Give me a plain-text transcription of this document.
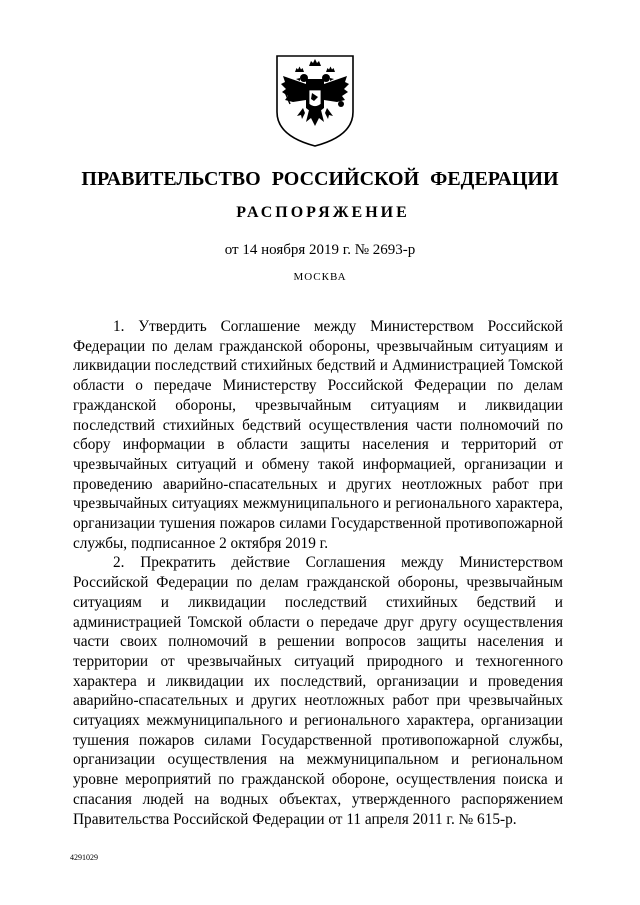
ПРАВИТЕЛЬСТВО РОССИЙСКОЙ ФЕДЕРАЦИИ
РАСПОРЯЖЕНИЕ

от 14 ноября 2019 г. № 2693-р

МОСКВА

1. Утвердить Соглашение между Министерством Российской Федерации по делам гражданской обороны, чрезвычайным ситуациям и ликвидации последствий стихийных бедствий и Администрацией Томской области о передаче Министерству Российской Федерации по делам гражданской обороны, чрезвычайным ситуациям и ликвидации последствий стихийных бедствий осуществления части полномочий по сбору информации в области защиты населения и территорий от чрезвычайных ситуаций и обмену такой информацией, организации и проведению аварийно-спасательных и других неотложных работ при чрезвычайных ситуациях межмуниципального и регионального характера, организации тушения пожаров силами Государственной противопожарной службы, подписанное 2 октября 2019 г.

2. Прекратить действие Соглашения между Министерством Российской Федерации по делам гражданской обороны, чрезвычайным ситуациям и ликвидации последствий стихийных бедствий и администрацией Томской области о передаче друг другу осуществления части своих полномочий в решении вопросов защиты населения и территории от чрезвычайных ситуаций природного и техногенного характера и ликвидации их последствий, организации и проведения аварийно-спасательных и других неотложных работ при чрезвычайных ситуациях межмуниципального и регионального характера, организации тушения пожаров силами Государственной противопожарной службы, организации осуществления на межмуниципальном и региональном уровне мероприятий по гражданской обороне, осуществления поиска и спасания людей на водных объектах, утвержденного распоряжением Правительства Российской Федерации от 11 апреля 2011 г. № 615-р.

4291029
